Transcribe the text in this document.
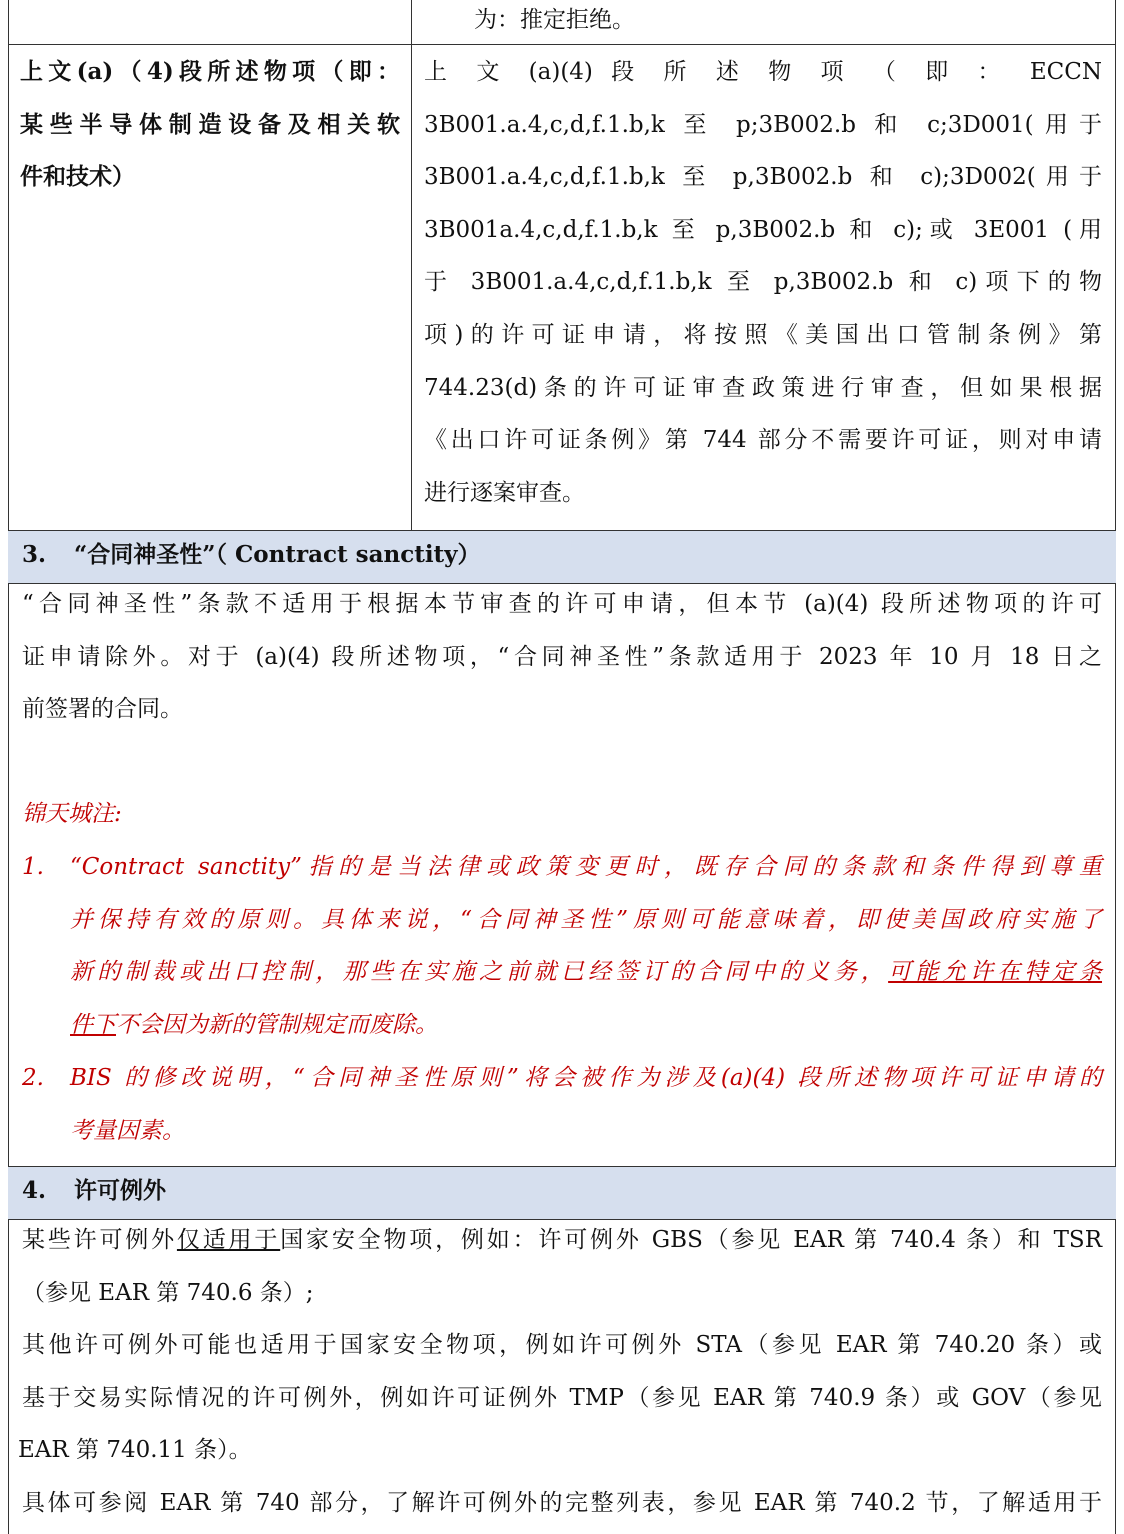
为：推定拒绝。
上文(a)（4)段所述物项（即：
某些半导体制造设备及相关软
件和技术）
上 文 (a)(4) 段 所 述 物 项 （ 即 ： ECCN
3B001.a.4,c,d,f.1.b,k 至 p;3B002.b 和 c;3D001(用于
3B001.a.4,c,d,f.1.b,k 至 p,3B002.b 和 c);3D002(用于
3B001a.4,c,d,f.1.b,k 至 p,3B002.b 和 c);或 3E001 (用
于 3B001.a.4,c,d,f.1.b,k 至 p,3B002.b 和 c)项下的物
项)的许可证申请，将按照《美国出口管制条例》第
744.23(d)条的许可证审查政策进行审查，但如果根据
《出口许可证条例》第 744 部分不需要许可证，则对申请
进行逐案审查。
3. “合同神圣性”（ Contract sanctity）
“合同神圣性”条款不适用于根据本节审查的许可申请，但本节 (a)(4) 段所述物项的许可
证申请除外。对于 (a)(4) 段所述物项，“合同神圣性”条款适用于 2023 年 10 月 18 日之
前签署的合同。
锦天城注:
1. “Contract sanctity”指的是当法律或政策变更时，既存合同的条款和条件得到尊重
并保持有效的原则。具体来说，“合同神圣性”原则可能意味着，即使美国政府实施了
新的制裁或出口控制，那些在实施之前就已经签订的合同中的义务，可能允许在特定条
件下不会因为新的管制规定而废除。
2. BIS 的修改说明，“合同神圣性原则”将会被作为涉及(a)(4) 段所述物项许可证申请的
考量因素。
4. 许可例外
某些许可例外仅适用于国家安全物项，例如：许可例外 GBS（参见 EAR 第 740.4 条）和 TSR
（参见 EAR 第 740.6 条）;
其他许可例外可能也适用于国家安全物项，例如许可例外 STA（参见 EAR 第 740.20 条）或
基于交易实际情况的许可例外，例如许可证例外 TMP（参见 EAR 第 740.9 条）或 GOV（参见
EAR 第 740.11 条）。
具体可参阅 EAR 第 740 部分，了解许可例外的完整列表，参见 EAR 第 740.2 节，了解适用于
